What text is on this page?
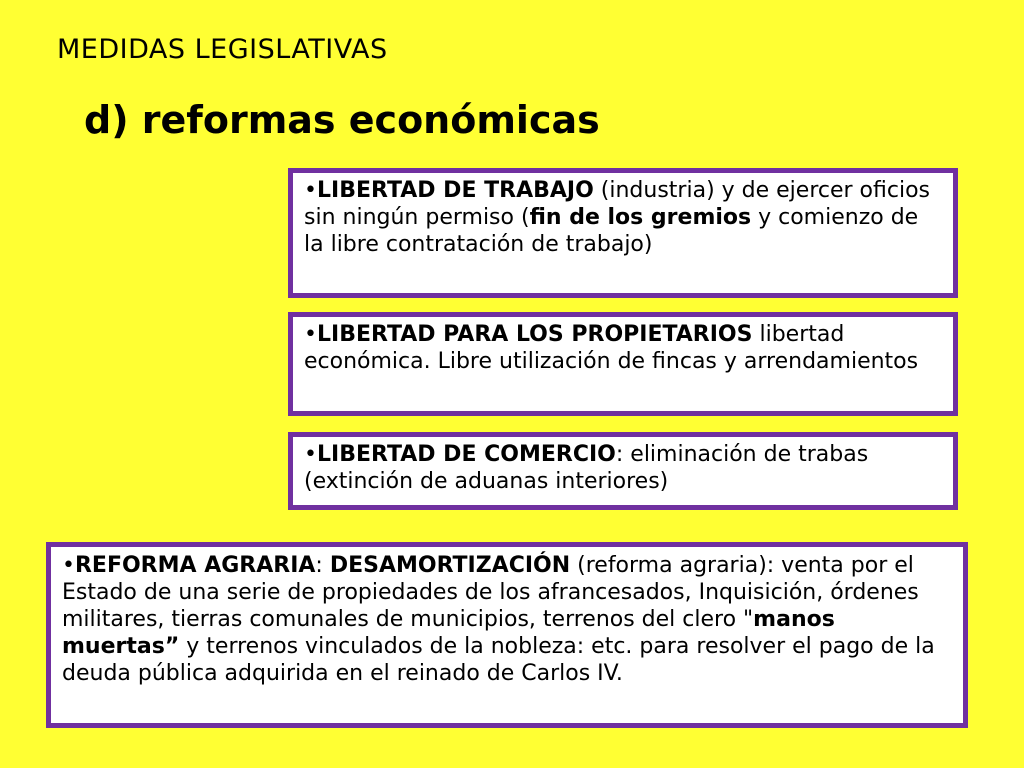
MEDIDAS LEGISLATIVAS
d) reformas económicas
•LIBERTAD DE TRABAJO (industria) y de ejercer oficios sin ningún permiso (fin de los gremios y comienzo de la libre contratación de trabajo)
•LIBERTAD PARA LOS PROPIETARIOS libertad económica. Libre utilización de fincas y arrendamientos
•LIBERTAD DE COMERCIO: eliminación de trabas (extinción de aduanas interiores)
•REFORMA AGRARIA: DESAMORTIZACIÓN (reforma agraria): venta por el Estado de una serie de propiedades de los afrancesados, Inquisición, órdenes militares, tierras comunales de municipios, terrenos del clero "manos muertas” y terrenos vinculados de la nobleza: etc. para resolver el pago de la deuda pública adquirida en el reinado de Carlos IV.
